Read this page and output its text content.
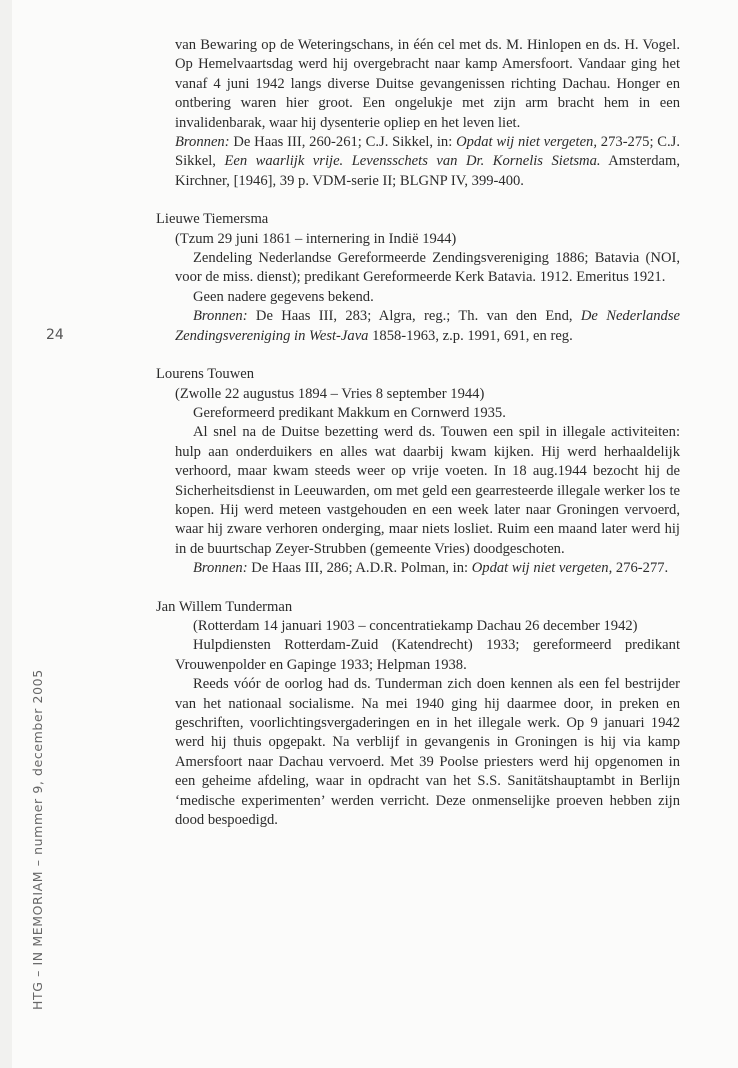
24
HTG – IN MEMORIAM – nummer 9, december 2005

van Bewaring op de Weteringschans, in één cel met ds. M. Hinlopen en ds. H. Vogel. Op Hemelvaartsdag werd hij overgebracht naar kamp Amersfoort. Vandaar ging het vanaf 4 juni 1942 langs diverse Duitse gevangenissen richting Dachau. Honger en ontbering waren hier groot. Een ongelukje met zijn arm bracht hem in een invalidenbarak, waar hij dysenterie opliep en het leven liet.

Bronnen: De Haas III, 260-261; C.J. Sikkel, in: Opdat wij niet vergeten, 273-275; C.J. Sikkel, Een waarlijk vrije. Levensschets van Dr. Kornelis Sietsma. Amsterdam, Kirchner, [1946], 39 p. VDM-serie II; BLGNP IV, 399-400.

Lieuwe Tiemersma

(Tzum 29 juni 1861 – internering in Indië 1944)

Zendeling Nederlandse Gereformeerde Zendingsvereniging 1886; Batavia (NOI, voor de miss. dienst); predikant Gereformeerde Kerk Batavia. 1912. Emeritus 1921.

Geen nadere gegevens bekend.

Bronnen: De Haas III, 283; Algra, reg.; Th. van den End, De Nederlandse Zendingsvereniging in West-Java 1858-1963, z.p. 1991, 691, en reg.

Lourens Touwen

(Zwolle 22 augustus 1894 – Vries 8 september 1944)

Gereformeerd predikant Makkum en Cornwerd 1935.

Al snel na de Duitse bezetting werd ds. Touwen een spil in illegale activiteiten: hulp aan onderduikers en alles wat daarbij kwam kijken. Hij werd herhaaldelijk verhoord, maar kwam steeds weer op vrije voeten. In 18 aug.1944 bezocht hij de Sicherheitsdienst in Leeuwarden, om met geld een gearresteerde illegale werker los te kopen. Hij werd meteen vastgehouden en een week later naar Groningen vervoerd, waar hij zware verhoren onderging, maar niets losliet. Ruim een maand later werd hij in de buurtschap Zeyer-Strubben (gemeente Vries) doodgeschoten.

Bronnen: De Haas III, 286; A.D.R. Polman, in: Opdat wij niet vergeten, 276-277.

Jan Willem Tunderman

(Rotterdam 14 januari 1903 – concentratiekamp Dachau 26 december 1942)

Hulpdiensten Rotterdam-Zuid (Katendrecht) 1933; gereformeerd predikant Vrouwenpolder en Gapinge 1933; Helpman 1938.

Reeds vóór de oorlog had ds. Tunderman zich doen kennen als een fel bestrijder van het nationaal socialisme. Na mei 1940 ging hij daarmee door, in preken en geschriften, voorlichtingsvergaderingen en in het illegale werk. Op 9 januari 1942 werd hij thuis opgepakt. Na verblijf in gevangenis in Groningen is hij via kamp Amersfoort naar Dachau vervoerd. Met 39 Poolse priesters werd hij opgenomen in een geheime afdeling, waar in opdracht van het S.S. Sanitätshauptambt in Berlijn ‘medische experimenten’ werden verricht. Deze onmenselijke proeven hebben zijn dood bespoedigd.
